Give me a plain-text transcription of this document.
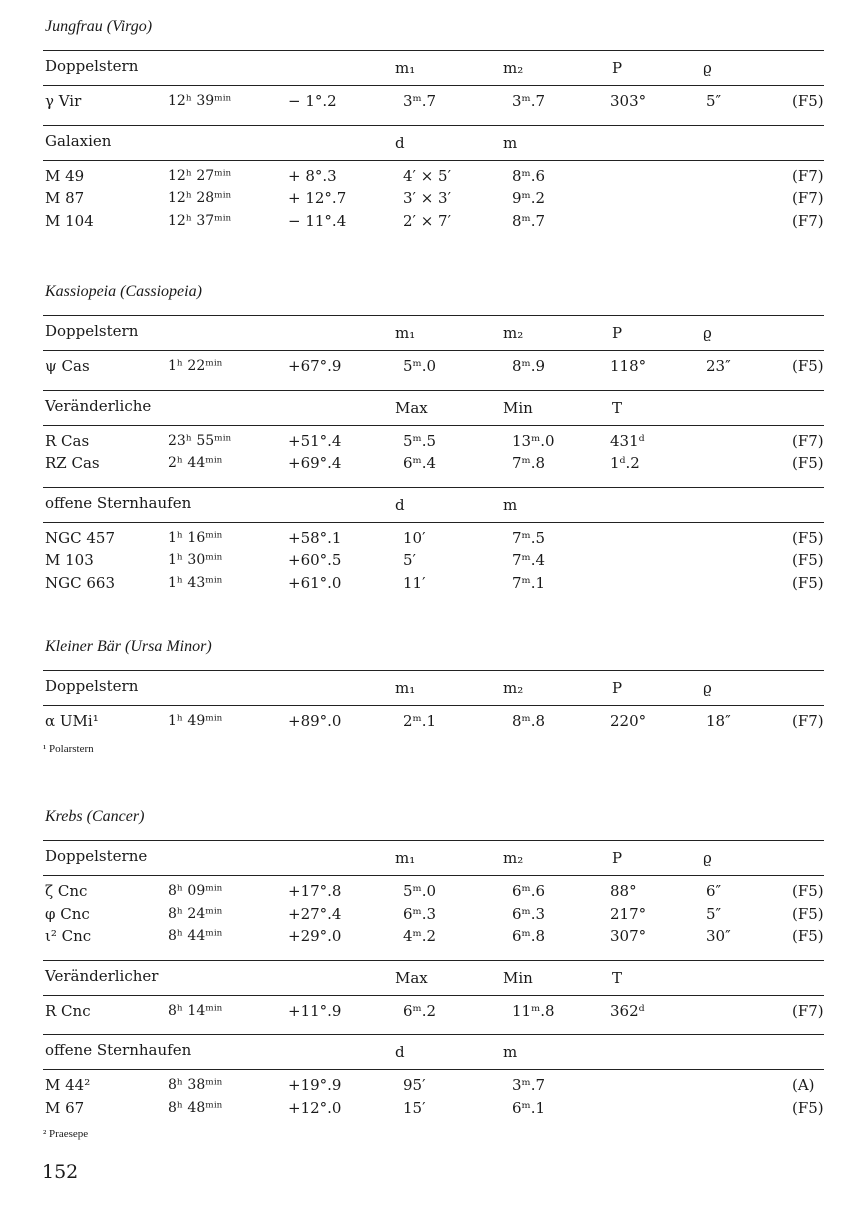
Jungfrau (Virgo)
Doppelstern	m₁	m₂	P	ϱ
γ Vir	12ʰ 39ᵐⁱⁿ	− 1°.2	3ᵐ.7	3ᵐ.7	303°	5″	(F5)
Galaxien	d	m
M 49	12ʰ 27ᵐⁱⁿ	+ 8°.3	4′ × 5′	8ᵐ.6	(F7)
M 87	12ʰ 28ᵐⁱⁿ	+ 12°.7	3′ × 3′	9ᵐ.2	(F7)
M 104	12ʰ 37ᵐⁱⁿ	− 11°.4	2′ × 7′	8ᵐ.7	(F7)
Kassiopeia (Cassiopeia)
Doppelstern	m₁	m₂	P	ϱ
ψ Cas	1ʰ 22ᵐⁱⁿ	+67°.9	5ᵐ.0	8ᵐ.9	118°	23″	(F5)
Veränderliche	Max	Min	T
R Cas	23ʰ 55ᵐⁱⁿ	+51°.4	5ᵐ.5	13ᵐ.0	431ᵈ	(F7)
RZ Cas	2ʰ 44ᵐⁱⁿ	+69°.4	6ᵐ.4	7ᵐ.8	1ᵈ.2	(F5)
offene Sternhaufen	d	m
NGC 457	1ʰ 16ᵐⁱⁿ	+58°.1	10′	7ᵐ.5	(F5)
M 103	1ʰ 30ᵐⁱⁿ	+60°.5	5′	7ᵐ.4	(F5)
NGC 663	1ʰ 43ᵐⁱⁿ	+61°.0	11′	7ᵐ.1	(F5)
Kleiner Bär (Ursa Minor)
Doppelstern	m₁	m₂	P	ϱ
α UMi¹	1ʰ 49ᵐⁱⁿ	+89°.0	2ᵐ.1	8ᵐ.8	220°	18″	(F7)
¹ Polarstern
Krebs (Cancer)
Doppelsterne	m₁	m₂	P	ϱ
ζ Cnc	8ʰ 09ᵐⁱⁿ	+17°.8	5ᵐ.0	6ᵐ.6	88°	6″	(F5)
φ Cnc	8ʰ 24ᵐⁱⁿ	+27°.4	6ᵐ.3	6ᵐ.3	217°	5″	(F5)
ι² Cnc	8ʰ 44ᵐⁱⁿ	+29°.0	4ᵐ.2	6ᵐ.8	307°	30″	(F5)
Veränderlicher	Max	Min	T
R Cnc	8ʰ 14ᵐⁱⁿ	+11°.9	6ᵐ.2	11ᵐ.8	362ᵈ	(F7)
offene Sternhaufen	d	m
M 44²	8ʰ 38ᵐⁱⁿ	+19°.9	95′	3ᵐ.7	(A)
M 67	8ʰ 48ᵐⁱⁿ	+12°.0	15′	6ᵐ.1	(F5)
² Praesepe
152
